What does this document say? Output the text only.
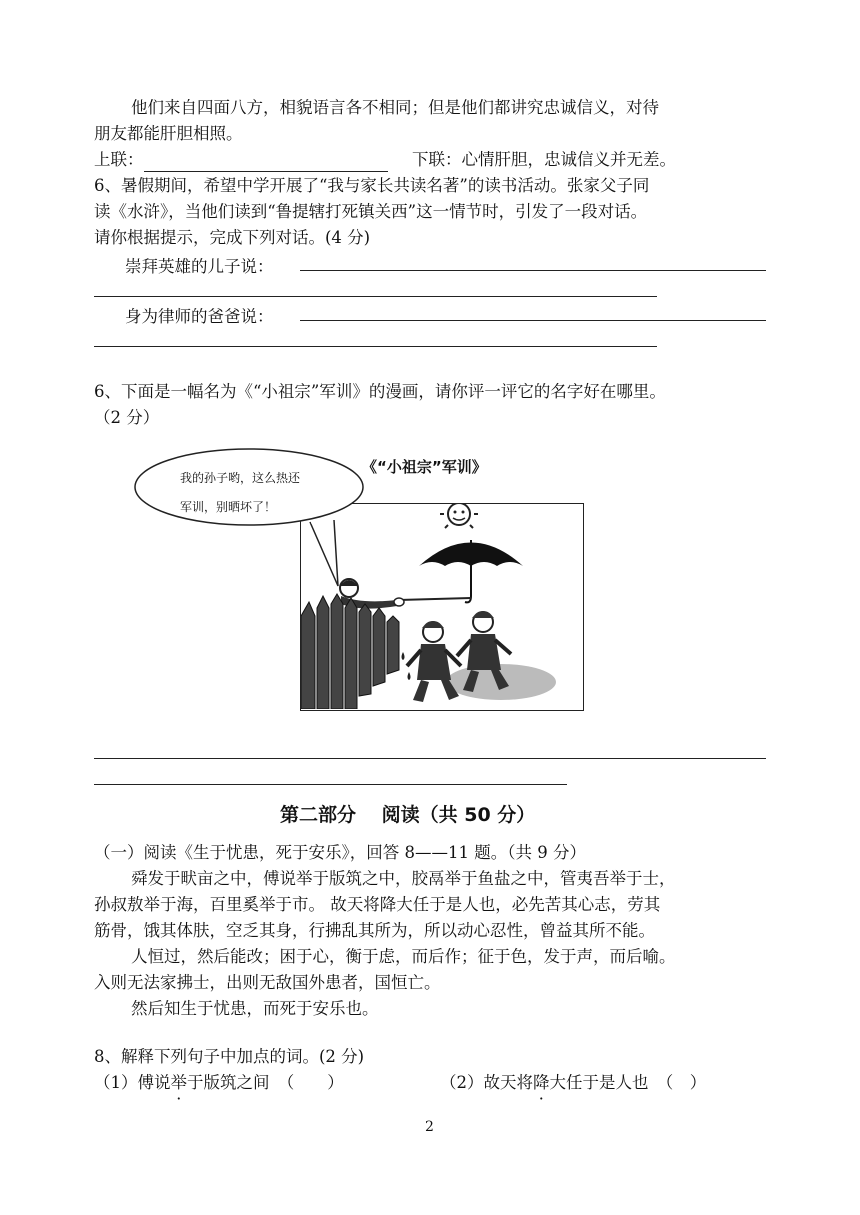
他们来自四面八方，相貌语言各不相同；但是他们都讲究忠诚信义，对待
朋友都能肝胆相照。
上联：	下联：心情肝胆，忠诚信义并无差。
6、暑假期间，希望中学开展了“我与家长共读名著”的读书活动。张家父子同
读《水浒》，当他们读到“鲁提辖打死镇关西”这一情节时，引发了一段对话。
请你根据提示，完成下列对话。(4 分)
崇拜英雄的儿子说：
身为律师的爸爸说：
6、下面是一幅名为《“小祖宗”军训》的漫画，请你评一评它的名字好在哪里。
（2 分）
《“小祖宗”军训》
我的孙子哟，这么热还
军训，别晒坏了！
第二部分　 阅读（共 50 分）
（一）阅读《生于忧患，死于安乐》，回答 8——11 题。（共 9 分）
舜发于畎亩之中，傅说举于版筑之中，胶鬲举于鱼盐之中，管夷吾举于士，
孙叔敖举于海，百里奚举于市。 故天将降大任于是人也，必先苦其心志，劳其
筋骨，饿其体肤，空乏其身，行拂乱其所为，所以动心忍性，曾益其所不能。
人恒过，然后能改；困于心，衡于虑，而后作；征于色，发于声，而后喻。
入则无法家拂士，出则无敌国外患者，国恒亡。
然后知生于忧患，而死于安乐也。
8、解释下列句子中加点的词。(2 分)
（1）傅说举于版筑之间　（　　）	（2）故天将降大任于是人也　（　）
2
